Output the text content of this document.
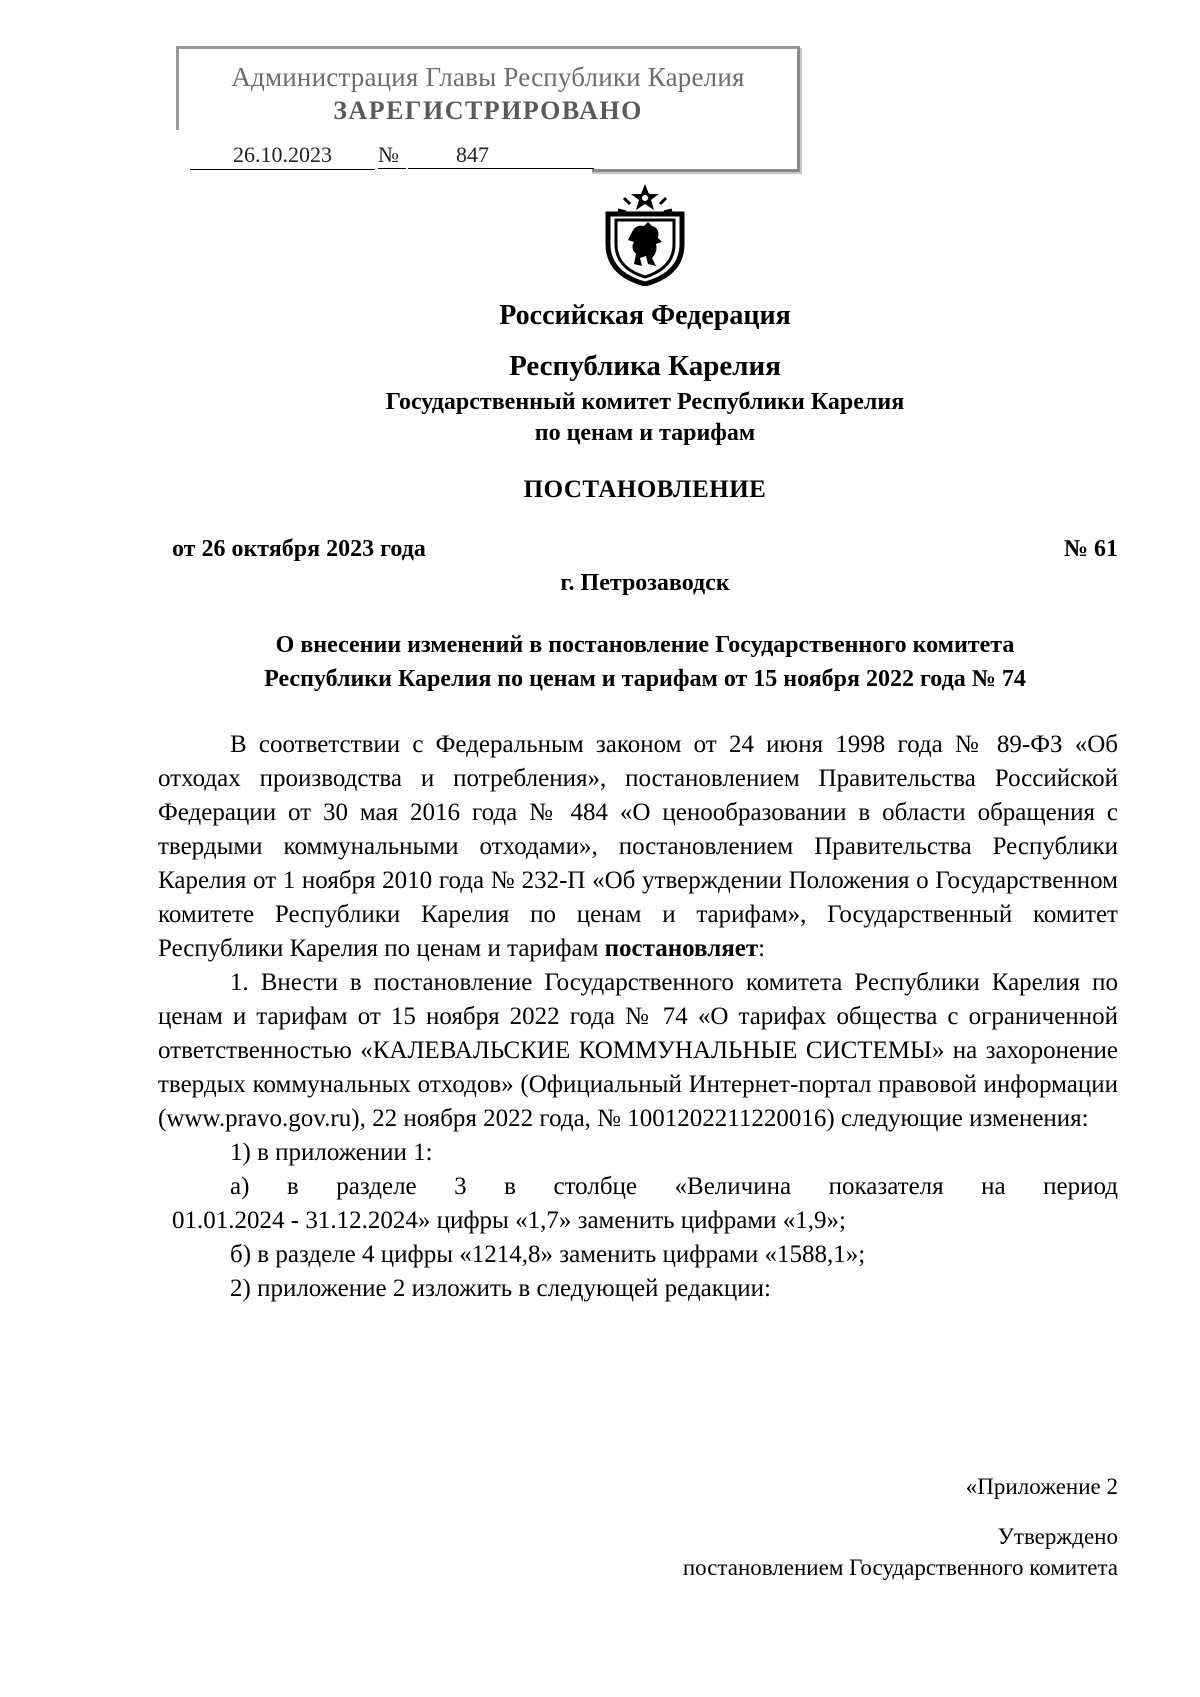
Администрация Главы Республики Карелия
ЗАРЕГИСТРИРОВАНО
26.10.2023	№	847
Российская Федерация
Республика Карелия
Государственный комитет Республики Карелия
по ценам и тарифам
ПОСТАНОВЛЕНИЕ
от 26 октября 2023 года	№ 61
г. Петрозаводск
О внесении изменений в постановление Государственного комитета
Республики Карелия по ценам и тарифам от 15 ноября 2022 года № 74

В соответствии с Федеральным законом от 24 июня 1998 года № 89-ФЗ «Об отходах производства и потребления», постановлением Правительства Российской Федерации от 30 мая 2016 года № 484 «О ценообразовании в области обращения с твердыми коммунальными отходами», постановлением Правительства Республики Карелия от 1 ноября 2010 года № 232-П «Об утверждении Положения о Государственном комитете Республики Карелия по ценам и тарифам», Государственный комитет Республики Карелия по ценам и тарифам постановляет:

1. Внести в постановление Государственного комитета Республики Карелия по ценам и тарифам от 15 ноября 2022 года № 74 «О тарифах общества с ограниченной ответственностью «КАЛЕВАЛЬСКИЕ КОММУНАЛЬНЫЕ СИСТЕМЫ» на захоронение твердых коммунальных отходов» (Официальный Интернет-портал правовой информации (www.pravo.gov.ru), 22 ноября 2022 года, № 1001202211220016) следующие изменения:

1) в приложении 1:

а) в разделе 3 в столбце «Величина показателя на период

01.01.2024 - 31.12.2024» цифры «1,7» заменить цифрами «1,9»;

б) в разделе 4 цифры «1214,8» заменить цифрами «1588,1»;

2) приложение 2 изложить в следующей редакции:

«Приложение 2
Утверждено
постановлением Государственного комитета
